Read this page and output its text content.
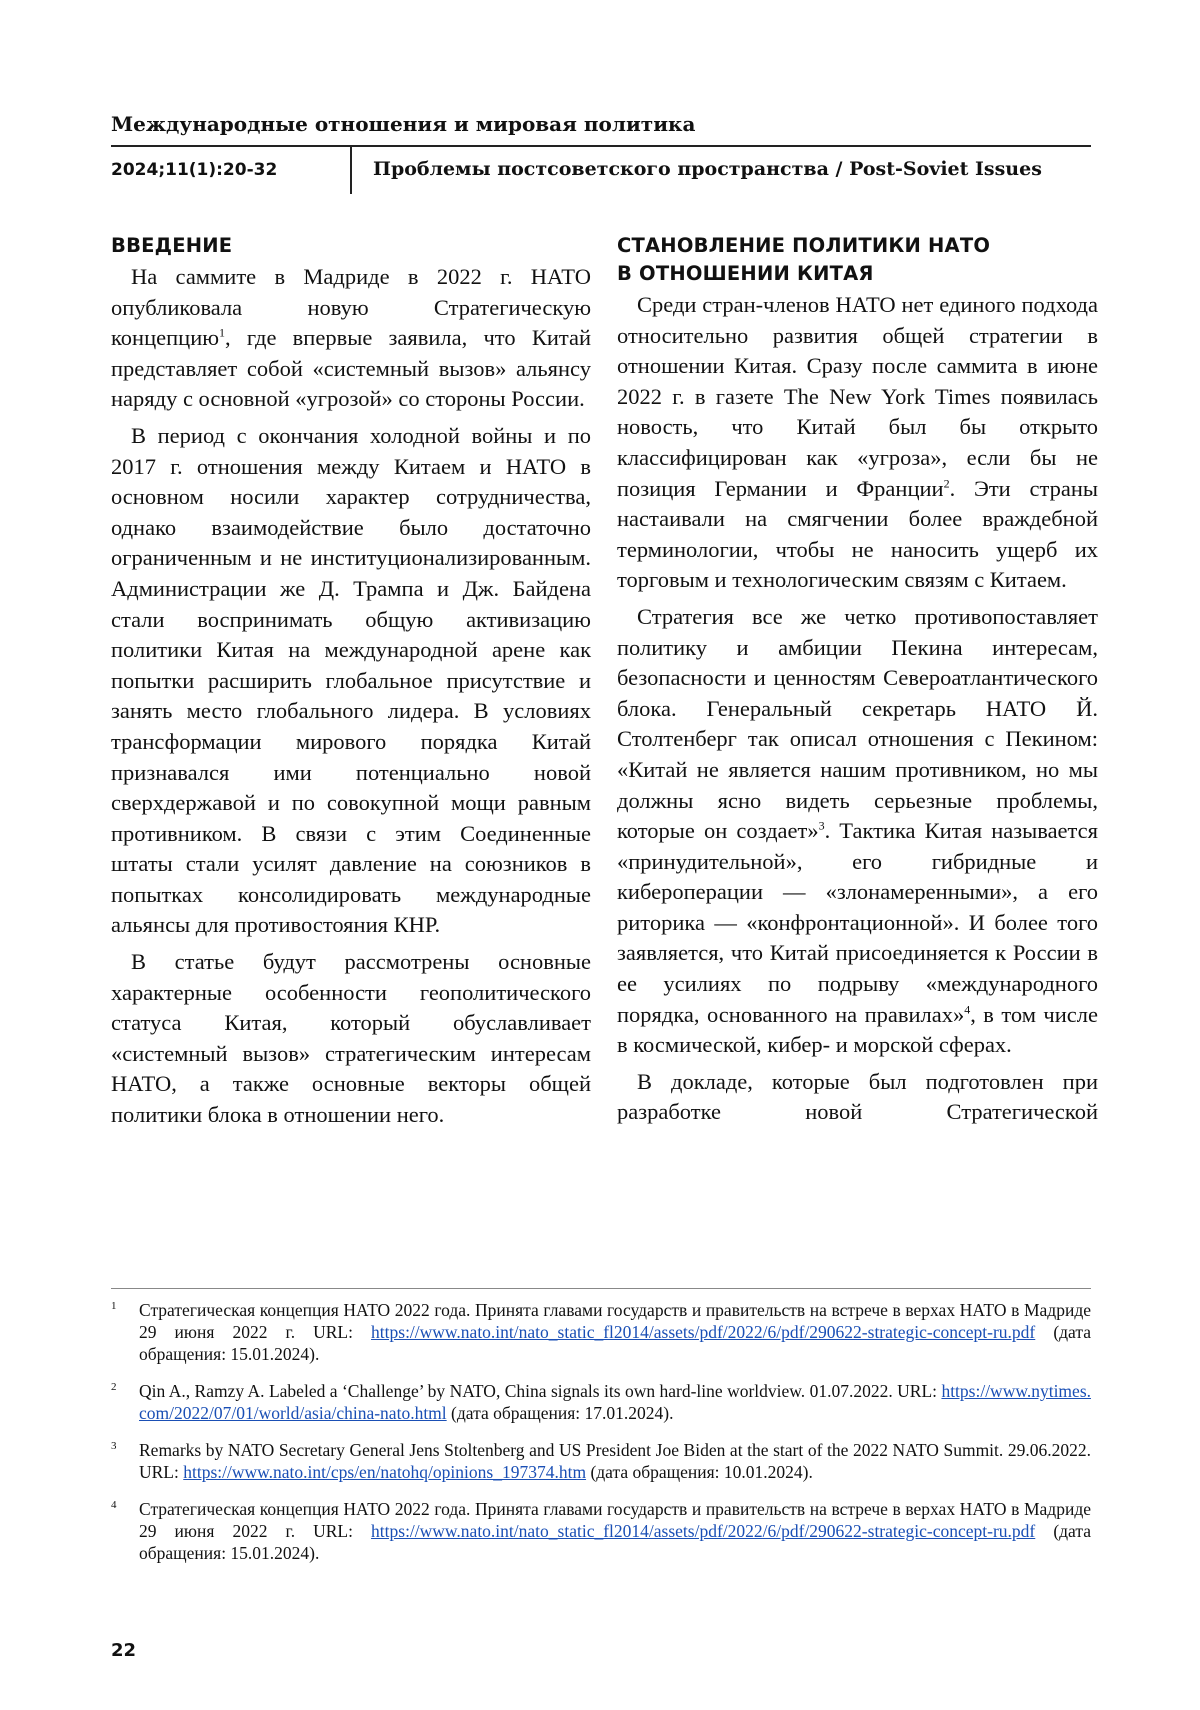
Международные отношения и мировая политика
2024;11(1):20-32	Проблемы постсоветского пространства / Post-Soviet Issues
ВВЕДЕНИЕ

На саммите в Мадриде в 2022 г. НАТО опубликовала новую Стратегическую концепцию$^1$, где впервые заявила, что Китай представляет собой «системный вызов» альянсу наряду с основной «угрозой» со стороны России.

В период с окончания холодной войны и по 2017 г. отношения между Китаем и НАТО в основном носили характер сотрудничества, однако взаимодействие было достаточно ограниченным и не институционализированным. Администрации же Д. Трампа и Дж. Байдена стали воспринимать общую активизацию политики Китая на международной арене как попытки расширить глобальное присутствие и занять место глобального лидера. В условиях трансформации мирового порядка Китай признавался ими потенциально новой сверхдержавой и по совокупной мощи равным противником. В связи с этим Соединенные штаты стали усилят давление на союзников в попытках консолидировать международные альянсы для противостояния КНР.

В статье будут рассмотрены основные характерные особенности геополитического статуса Китая, который обуславливает «системный вызов» стратегическим интересам НАТО, а также основные векторы общей политики блока в отношении него.

СТАНОВЛЕНИЕ ПОЛИТИКИ НАТО
В ОТНОШЕНИИ КИТАЯ

Среди стран-членов НАТО нет единого подхода относительно развития общей стратегии в отношении Китая. Сразу после саммита в июне 2022 г. в газете The New York Times появилась новость, что Китай был бы открыто классифицирован как «угроза», если бы не позиция Германии и Франции$^2$. Эти страны настаивали на смягчении более враждебной терминологии, чтобы не наносить ущерб их торговым и технологическим связям с Китаем.

Стратегия все же четко противопоставляет политику и амбиции Пекина интересам, безопасности и ценностям Североатлантического блока. Генеральный секретарь НАТО Й. Столтенберг так описал отношения с Пекином: «Китай не является нашим противником, но мы должны ясно видеть серьезные проблемы, которые он создает»$^3$. Тактика Китая называется «принудительной», его гибридные и кибероперации — «злонамеренными», а его риторика — «конфронтационной». И более того заявляется, что Китай присоединяется к России в ее усилиях по подрыву «международного порядка, основанного на правилах»$^4$, в том числе в космической, кибер- и морской сферах.

В докладе, которые был подготовлен при разработке новой Стратегической

1 Стратегическая концепция НАТО 2022 года. Принята главами государств и правительств на встрече в верхах НАТО в Мадриде 29 июня 2022 г. URL: https://www.nato.int/nato_static_fl2014/assets/pdf/2022/6/pdf/290622-strategic-concept-ru.pdf (дата обращения: 15.01.2024).
2 Qin A., Ramzy A. Labeled a ‘Challenge’ by NATO, China signals its own hard-line worldview. 01.07.2022. URL: https://www.nytimes.com/2022/07/01/world/asia/china-nato.html (дата обращения: 17.01.2024).
3 Remarks by NATO Secretary General Jens Stoltenberg and US President Joe Biden at the start of the 2022 NATO Summit. 29.06.2022. URL: https://www.nato.int/cps/en/natohq/opinions_197374.htm (дата обращения: 10.01.2024).
4 Стратегическая концепция НАТО 2022 года. Принята главами государств и правительств на встрече в верхах НАТО в Мадриде 29 июня 2022 г. URL: https://www.nato.int/nato_static_fl2014/assets/pdf/2022/6/pdf/290622-strategic-concept-ru.pdf (дата обращения: 15.01.2024).
22
